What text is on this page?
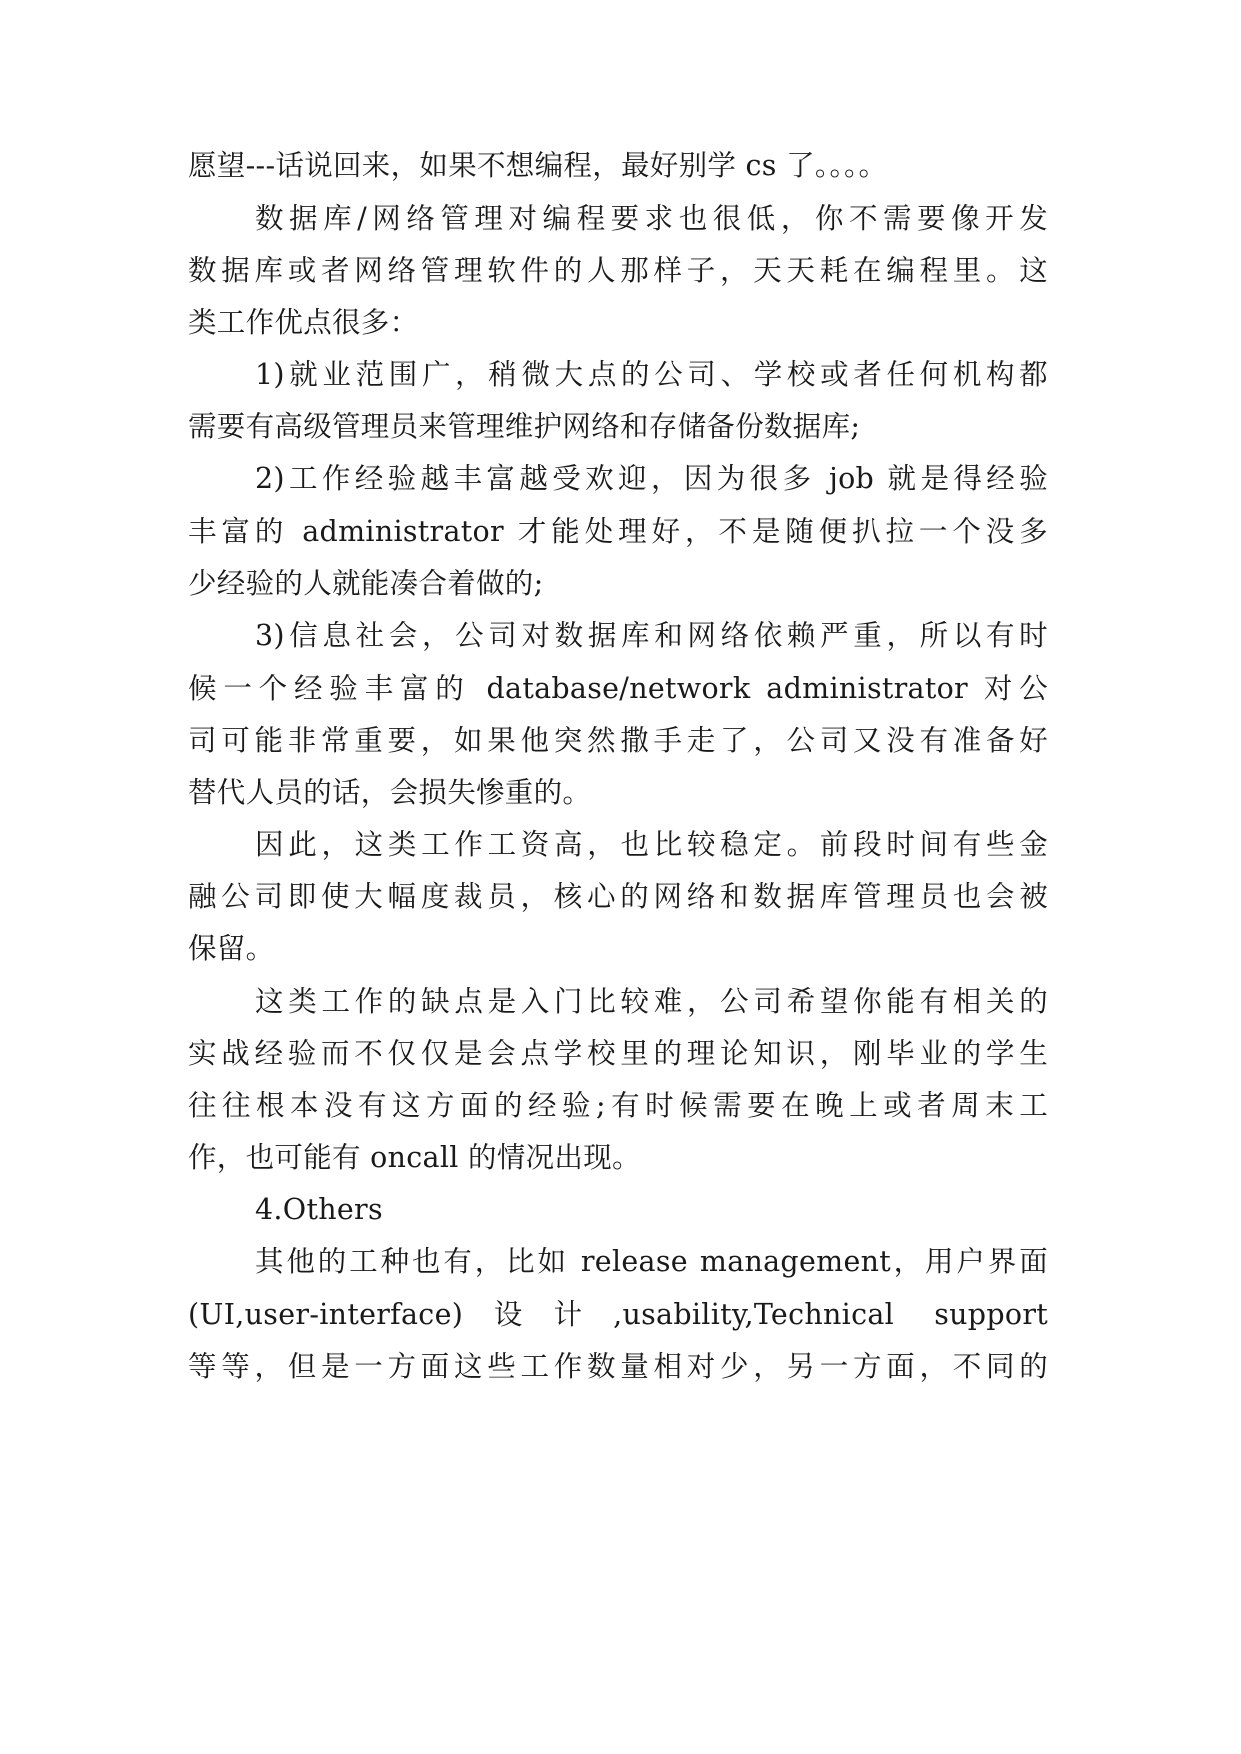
愿望---话说回来，如果不想编程，最好别学 cs 了。。。。
数据库/网络管理对编程要求也很低，你不需要像开发
数据库或者网络管理软件的人那样子，天天耗在编程里。这
类工作优点很多：
1)就业范围广，稍微大点的公司、学校或者任何机构都
需要有高级管理员来管理维护网络和存储备份数据库;
2)工作经验越丰富越受欢迎，因为很多 job 就是得经验
丰富的 administrator 才能处理好，不是随便扒拉一个没多
少经验的人就能凑合着做的;
3)信息社会，公司对数据库和网络依赖严重，所以有时
候一个经验丰富的 database/network administrator 对公
司可能非常重要，如果他突然撒手走了，公司又没有准备好
替代人员的话，会损失惨重的。
因此，这类工作工资高，也比较稳定。前段时间有些金
融公司即使大幅度裁员，核心的网络和数据库管理员也会被
保留。
这类工作的缺点是入门比较难，公司希望你能有相关的
实战经验而不仅仅是会点学校里的理论知识，刚毕业的学生
往往根本没有这方面的经验;有时候需要在晚上或者周末工
作，也可能有 oncall 的情况出现。
4.Others
其他的工种也有，比如 release management，用户界面
(UI,user-interface)设计,usability,Technical support
等等，但是一方面这些工作数量相对少，另一方面，不同的
